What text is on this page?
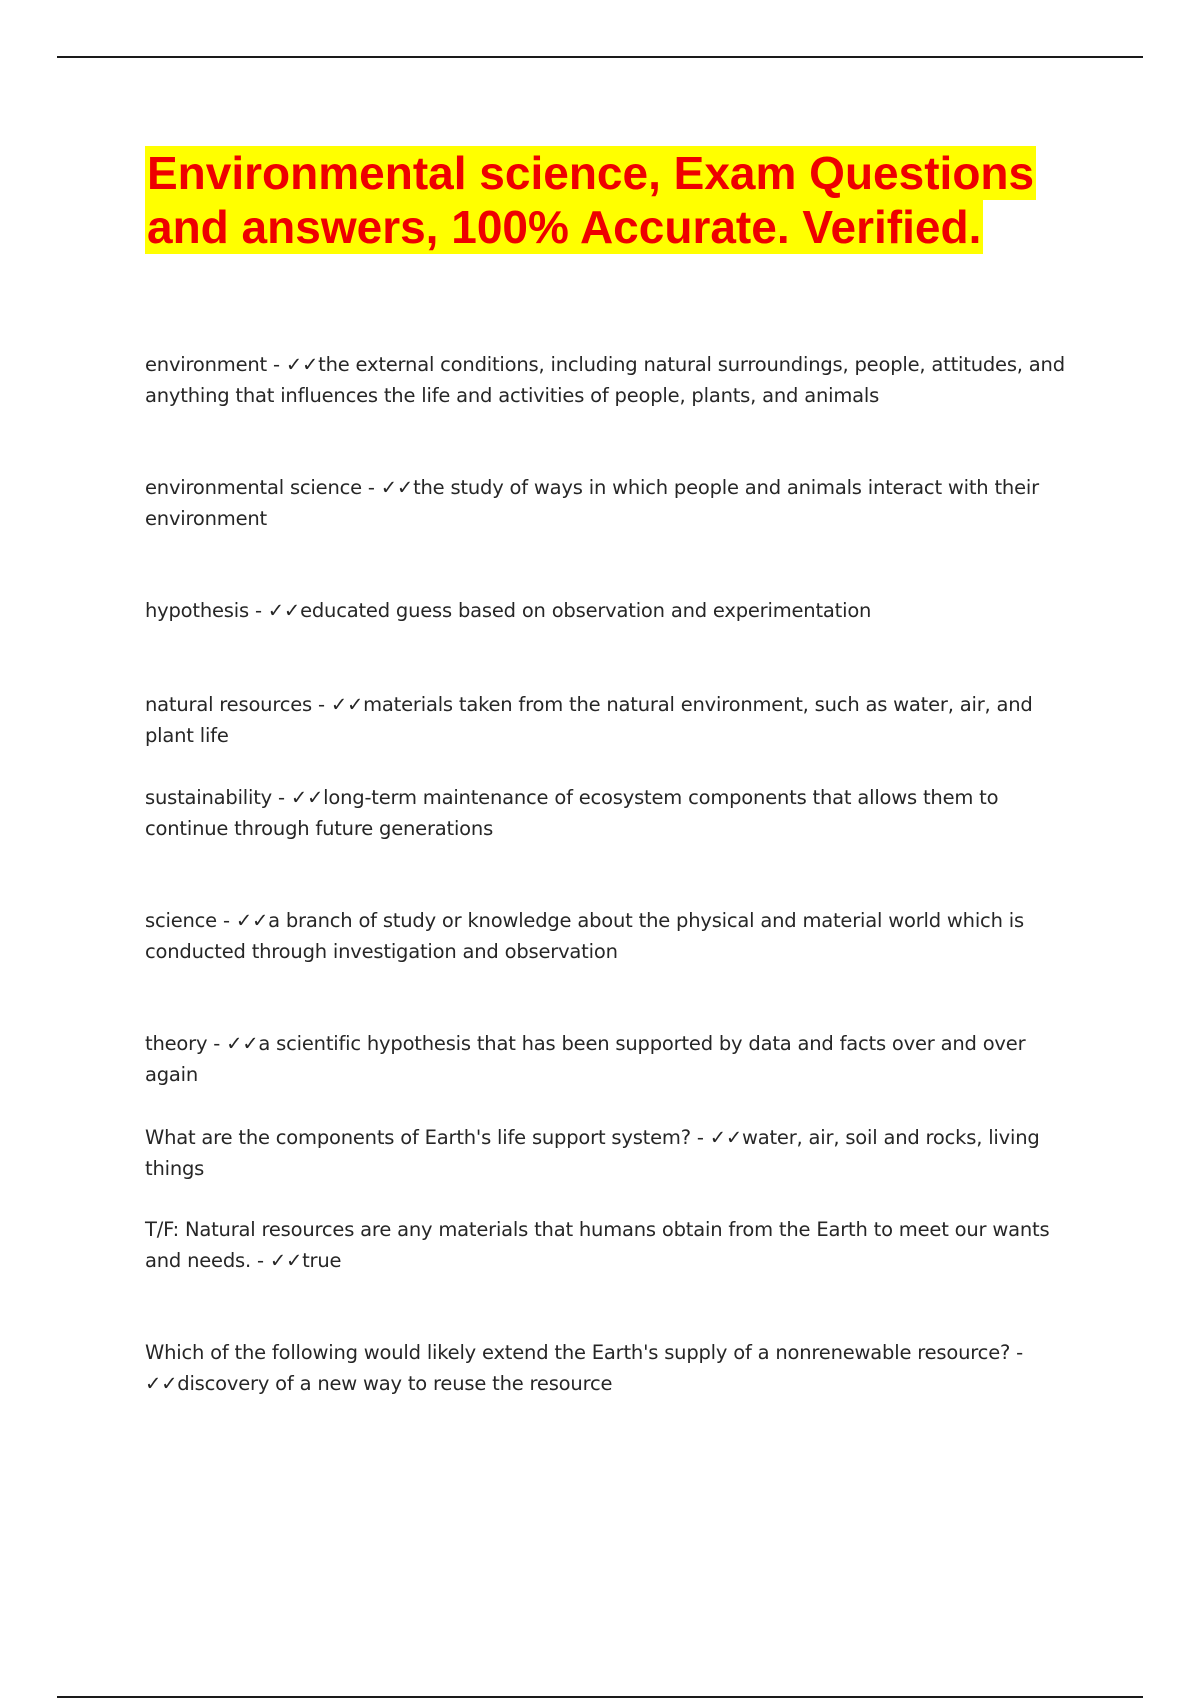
Environmental science, Exam Questions
and answers, 100% Accurate. Verified.
environment - ✓✓the external conditions, including natural surroundings, people, attitudes, and anything that influences the life and activities of people, plants, and animals
environmental science - ✓✓the study of ways in which people and animals interact with their environment
hypothesis - ✓✓educated guess based on observation and experimentation
natural resources - ✓✓materials taken from the natural environment, such as water, air, and plant life
sustainability - ✓✓long-term maintenance of ecosystem components that allows them to continue through future generations
science - ✓✓a branch of study or knowledge about the physical and material world which is conducted through investigation and observation
theory - ✓✓a scientific hypothesis that has been supported by data and facts over and over again
What are the components of Earth's life support system? - ✓✓water, air, soil and rocks, living things
T/F: Natural resources are any materials that humans obtain from the Earth to meet our wants and needs. - ✓✓true
Which of the following would likely extend the Earth's supply of a nonrenewable resource? - ✓✓discovery of a new way to reuse the resource
